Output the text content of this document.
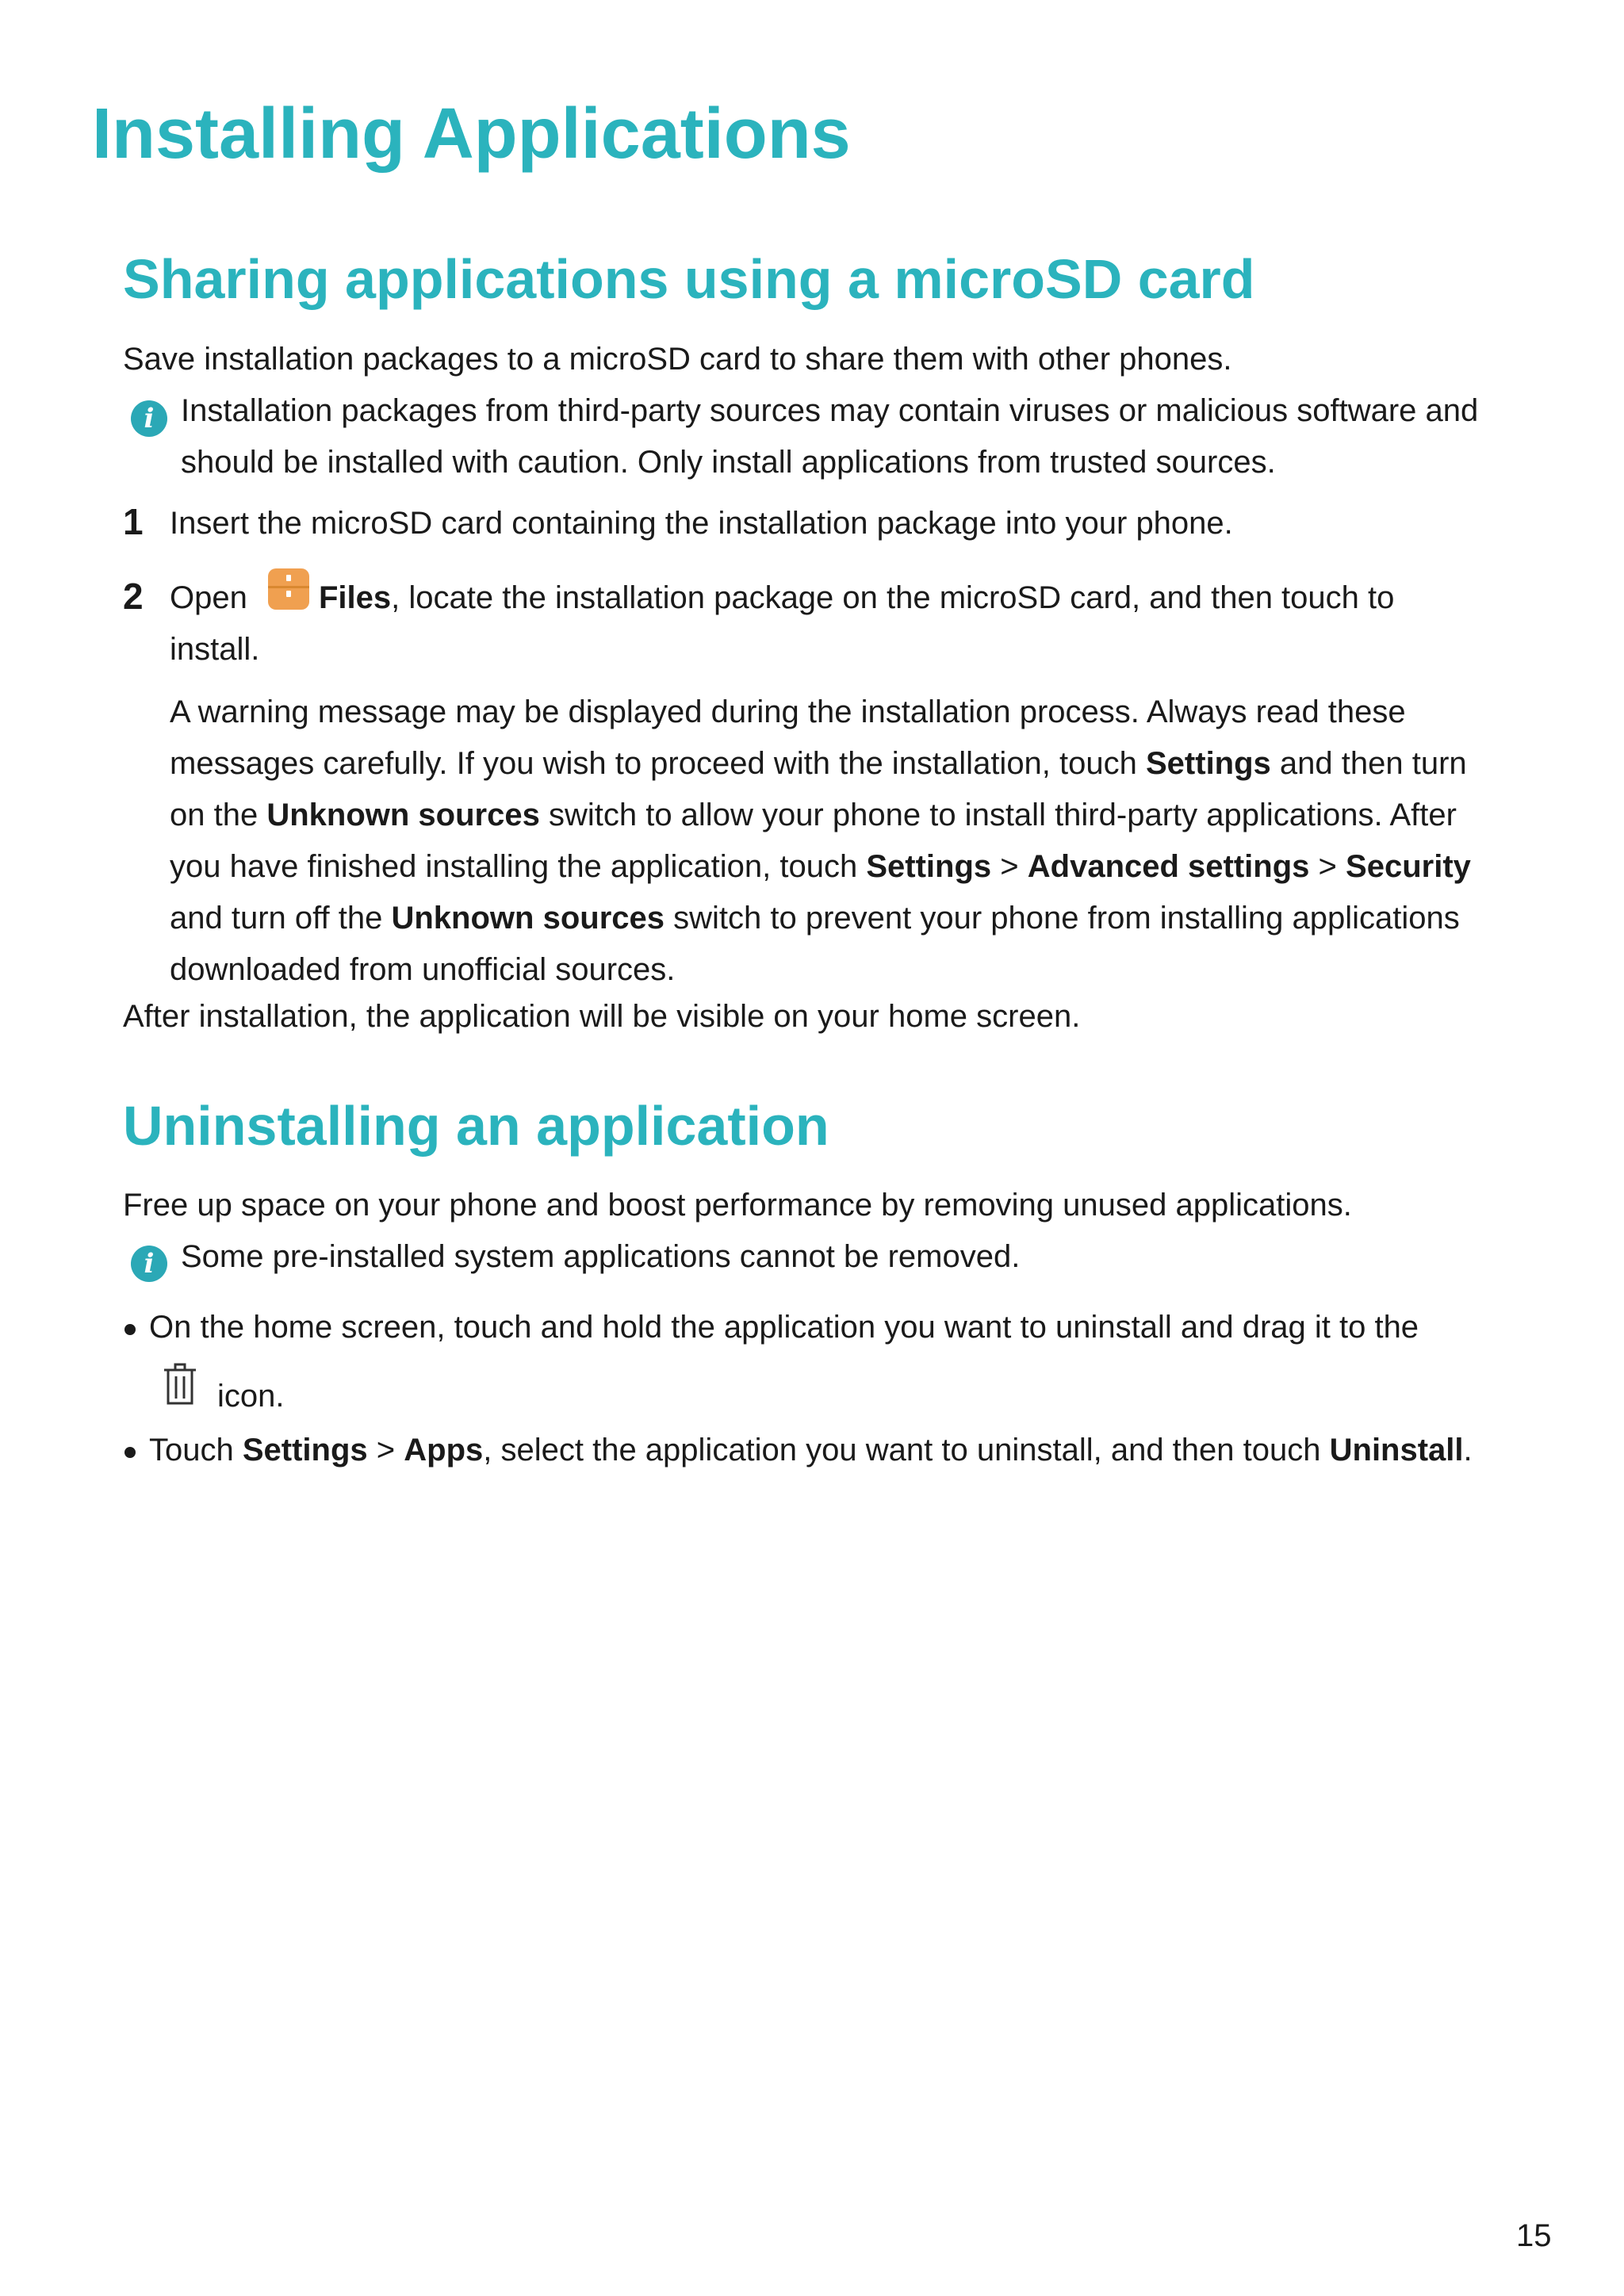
Installing Applications
Sharing applications using a microSD card
Save installation packages to a microSD card to share them with other phones.
i Installation packages from third-party sources may contain viruses or malicious software and
should be installed with caution. Only install applications from trusted sources.
1 Insert the microSD card containing the installation package into your phone.
2 Open Files, locate the installation package on the microSD card, and then touch to
install.
A warning message may be displayed during the installation process. Always read these
messages carefully. If you wish to proceed with the installation, touch Settings and then turn
on the Unknown sources switch to allow your phone to install third-party applications. After
you have finished installing the application, touch Settings > Advanced settings > Security
and turn off the Unknown sources switch to prevent your phone from installing applications
downloaded from unofficial sources.
After installation, the application will be visible on your home screen.
Uninstalling an application
Free up space on your phone and boost performance by removing unused applications.
i Some pre-installed system applications cannot be removed.
On the home screen, touch and hold the application you want to uninstall and drag it to the
icon.
Touch Settings > Apps, select the application you want to uninstall, and then touch Uninstall.
15
